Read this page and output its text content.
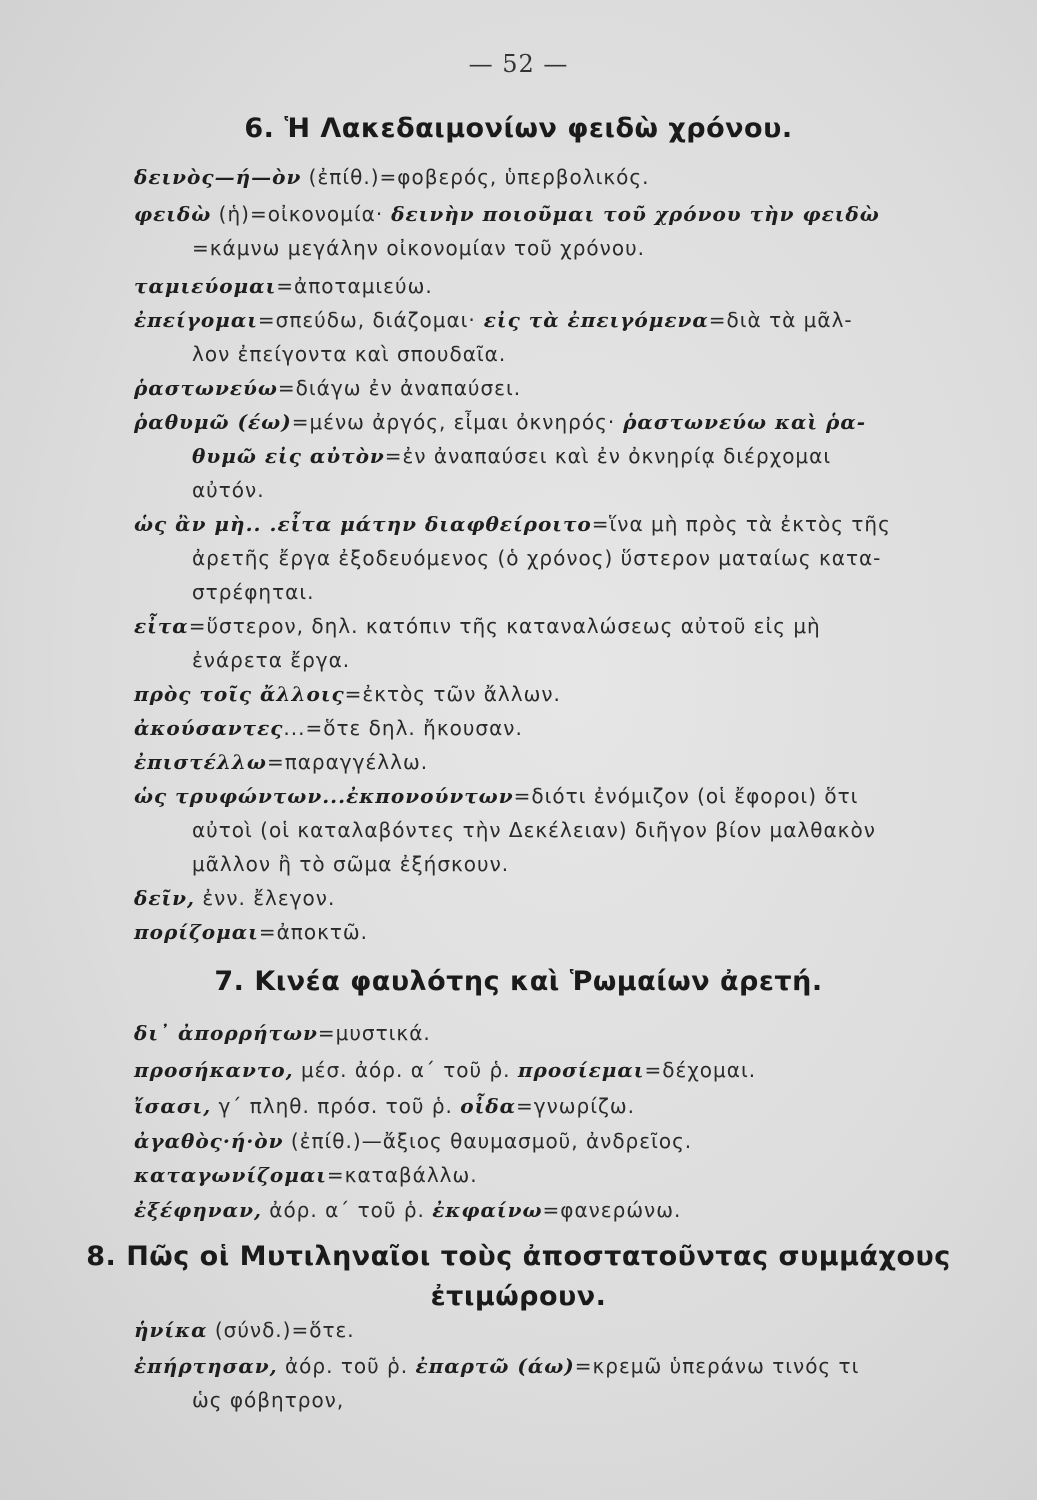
— 52 —
6. Ἡ Λακεδαιμονίων φειδὼ χρόνου.
δεινὸς—ή—ὸν (ἐπίθ.)=φοβερός, ὑπερβολικός.
φειδὼ (ἡ)=οἰκονομία· δεινὴν ποιοῦμαι τοῦ χρόνου τὴν φειδὼ
=κάμνω μεγάλην οἰκονομίαν τοῦ χρόνου.
ταμιεύομαι=ἀποταμιεύω.
ἐπείγομαι=σπεύδω, διάζομαι· εἰς τὰ ἐπειγόμενα=διὰ τὰ μᾶλ-
λον ἐπείγοντα καὶ σπουδαῖα.
ῥαστωνεύω=διάγω ἐν ἀναπαύσει.
ῥαθυμῶ (έω)=μένω ἀργός, εἶμαι ὀκνηρός· ῥαστωνεύω καὶ ῥα-
θυμῶ εἰς αὐτὸν=ἐν ἀναπαύσει καὶ ἐν ὀκνηρίᾳ διέρχομαι
αὐτόν.
ὡς ἂν μὴ.. .εἶτα μάτην διαφθείροιτο=ἵνα μὴ πρὸς τὰ ἐκτὸς τῆς
ἀρετῆς ἔργα ἐξοδευόμενος (ὁ χρόνος) ὕστερον ματαίως κατα-
στρέφηται.
εἶτα=ὕστερον, δηλ. κατόπιν τῆς καταναλώσεως αὐτοῦ εἰς μὴ
ἐνάρετα ἔργα.
πρὸς τοῖς ἄλλοις=ἐκτὸς τῶν ἄλλων.
ἀκούσαντες...=ὅτε δηλ. ἤκουσαν.
ἐπιστέλλω=παραγγέλλω.
ὡς τρυφώντων...ἐκπονούντων=διότι ἐνόμιζον (οἱ ἔφοροι) ὅτι
αὐτοὶ (οἱ καταλαβόντες τὴν Δεκέλειαν) διῆγον βίον μαλθακὸν
μᾶλλον ἢ τὸ σῶμα ἐξήσκουν.
δεῖν, ἐνν. ἔλεγον.
πορίζομαι=ἀποκτῶ.
7. Κινέα φαυλότης καὶ Ῥωμαίων ἀρετή.
δι᾽ ἀπορρήτων=μυστικά.
προσήκαντο, μέσ. ἀόρ. α΄ τοῦ ῥ. προσίεμαι=δέχομαι.
ἴσασι, γ΄ πληθ. πρόσ. τοῦ ῥ. οἶδα=γνωρίζω.
ἀγαθὸς·ή·ὸν (ἐπίθ.)—ἄξιος θαυμασμοῦ, ἀνδρεῖος.
καταγωνίζομαι=καταβάλλω.
ἐξέφηναν, ἀόρ. α΄ τοῦ ῥ. ἐκφαίνω=φανερώνω.
8. Πῶς οἱ Μυτιληναῖοι τοὺς ἀποστατοῦντας συμμάχους
ἐτιμώρουν.
ἡνίκα (σύνδ.)=ὅτε.
ἐπήρτησαν, ἀόρ. τοῦ ῥ. ἐπαρτῶ (άω)=κρεμῶ ὑπεράνω τινός τι
ὡς φόβητρον,
